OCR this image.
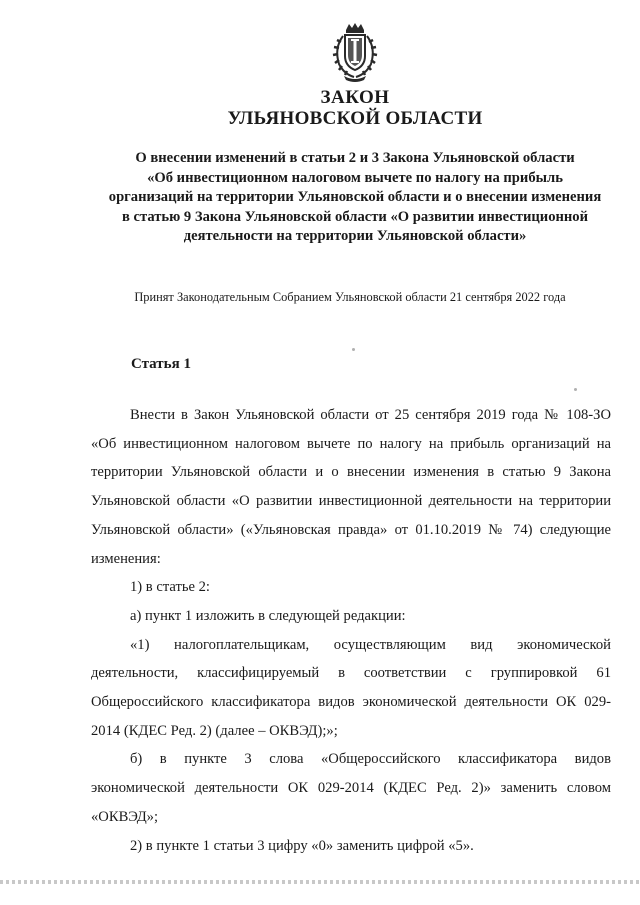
ЗАКОН
УЛЬЯНОВСКОЙ ОБЛАСТИ
О внесении изменений в статьи 2 и 3 Закона Ульяновской области
«Об инвестиционном налоговом вычете по налогу на прибыль
организаций на территории Ульяновской области и о внесении изменения
в статью 9 Закона Ульяновской области «О развитии инвестиционной
деятельности на территории Ульяновской области»
Принят Законодательным Собранием Ульяновской области 21 сентября 2022 года
Статья 1

Внести в Закон Ульяновской области от 25 сентября 2019 года № 108-ЗО «Об инвестиционном налоговом вычете по налогу на прибыль организаций на территории Ульяновской области и о внесении изменения в статью 9 Закона Ульяновской области «О развитии инвестиционной деятельности на территории Ульяновской области» («Ульяновская правда» от 01.10.2019 № 74) следующие изменения:

1) в статье 2:

а) пункт 1 изложить в следующей редакции:

«1) налогоплательщикам, осуществляющим вид экономической деятельности, классифицируемый в соответствии с группировкой 61 Общероссийского классификатора видов экономической деятельности ОК 029-2014 (КДЕС Ред. 2) (далее – ОКВЭД);»;

б) в пункте 3 слова «Общероссийского классификатора видов экономической деятельности ОК 029-2014 (КДЕС Ред. 2)» заменить словом «ОКВЭД»;

2) в пункте 1 статьи 3 цифру «0» заменить цифрой «5».
